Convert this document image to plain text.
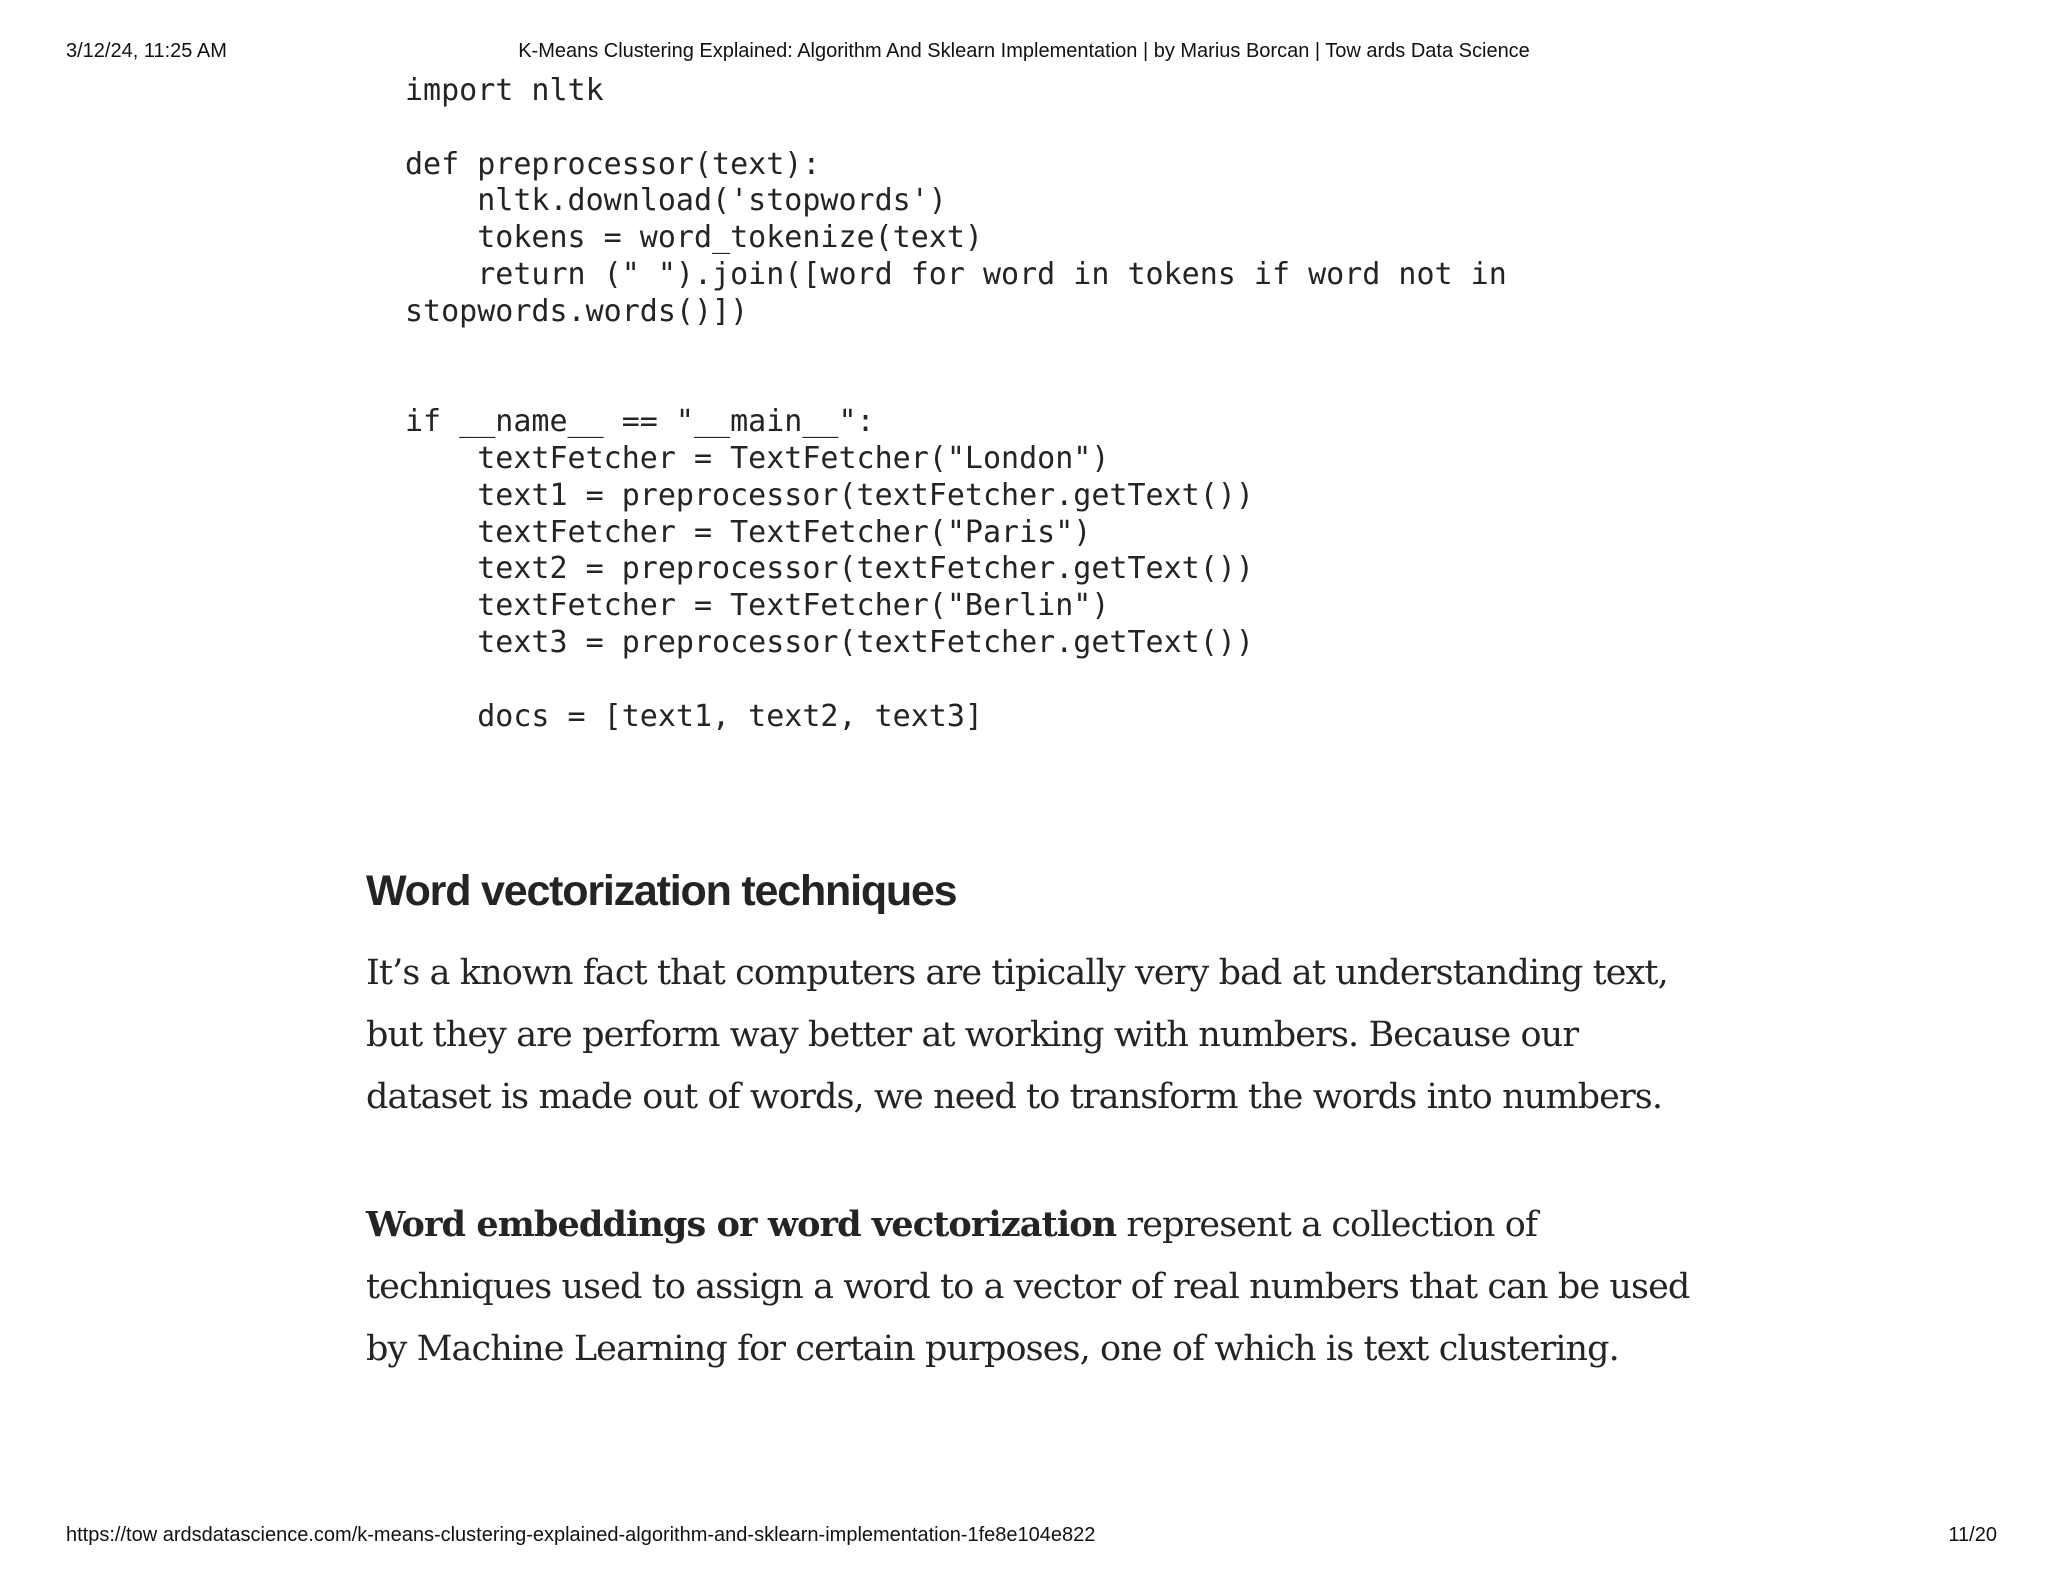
3/12/24, 11:25 AM	K-Means Clustering Explained: Algorithm And Sklearn Implementation | by Marius Borcan | Tow ards Data Science
import nltk

def preprocessor(text):
nltk.download('stopwords')
tokens = word_tokenize(text)
return (" ").join([word for word in tokens if word not in
stopwords.words()])

if __name__ == "__main__":
textFetcher = TextFetcher("London")
text1 = preprocessor(textFetcher.getText())
textFetcher = TextFetcher("Paris")
text2 = preprocessor(textFetcher.getText())
textFetcher = TextFetcher("Berlin")
text3 = preprocessor(textFetcher.getText())

docs = [text1, text2, text3]
Word vectorization techniques

It’s a known fact that computers are tipically very bad at understanding text, but they are perform way better at working with numbers. Because our dataset is made out of words, we need to transform the words into numbers.

Word embeddings or word vectorization represent a collection of techniques used to assign a word to a vector of real numbers that can be used by Machine Learning for certain purposes, one of which is text clustering.

https://tow ardsdatascience.com/k-means-clustering-explained-algorithm-and-sklearn-implementation-1fe8e104e822	11/20
